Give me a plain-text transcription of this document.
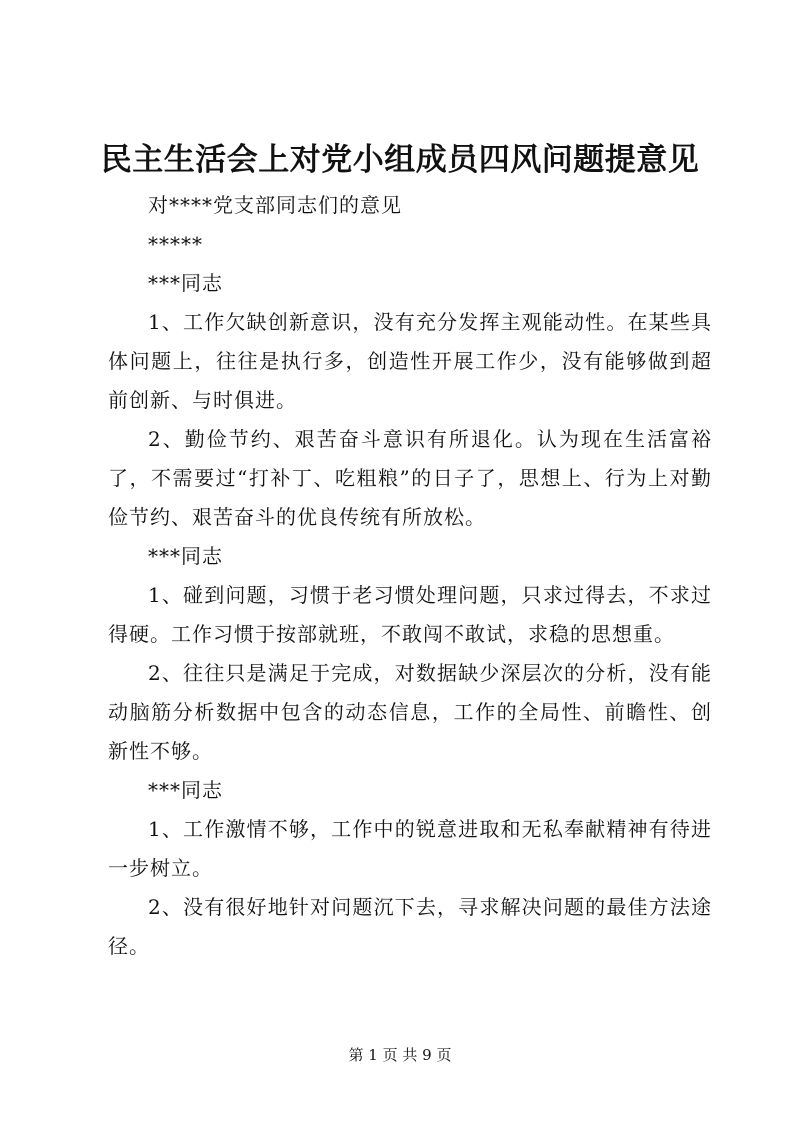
民主生活会上对党小组成员四风问题提意见

对****党支部同志们的意见

*****

***同志

1、工作欠缺创新意识，没有充分发挥主观能动性。在某些具体问题上，往往是执行多，创造性开展工作少，没有能够做到超前创新、与时俱进。

2、勤俭节约、艰苦奋斗意识有所退化。认为现在生活富裕了，不需要过“打补丁、吃粗粮”的日子了，思想上、行为上对勤俭节约、艰苦奋斗的优良传统有所放松。

***同志

1、碰到问题，习惯于老习惯处理问题，只求过得去，不求过得硬。工作习惯于按部就班，不敢闯不敢试，求稳的思想重。

2、往往只是满足于完成，对数据缺少深层次的分析，没有能动脑筋分析数据中包含的动态信息，工作的全局性、前瞻性、创新性不够。

***同志

1、工作激情不够，工作中的锐意进取和无私奉献精神有待进一步树立。

2、没有很好地针对问题沉下去，寻求解决问题的最佳方法途径。

第 1 页 共 9 页
